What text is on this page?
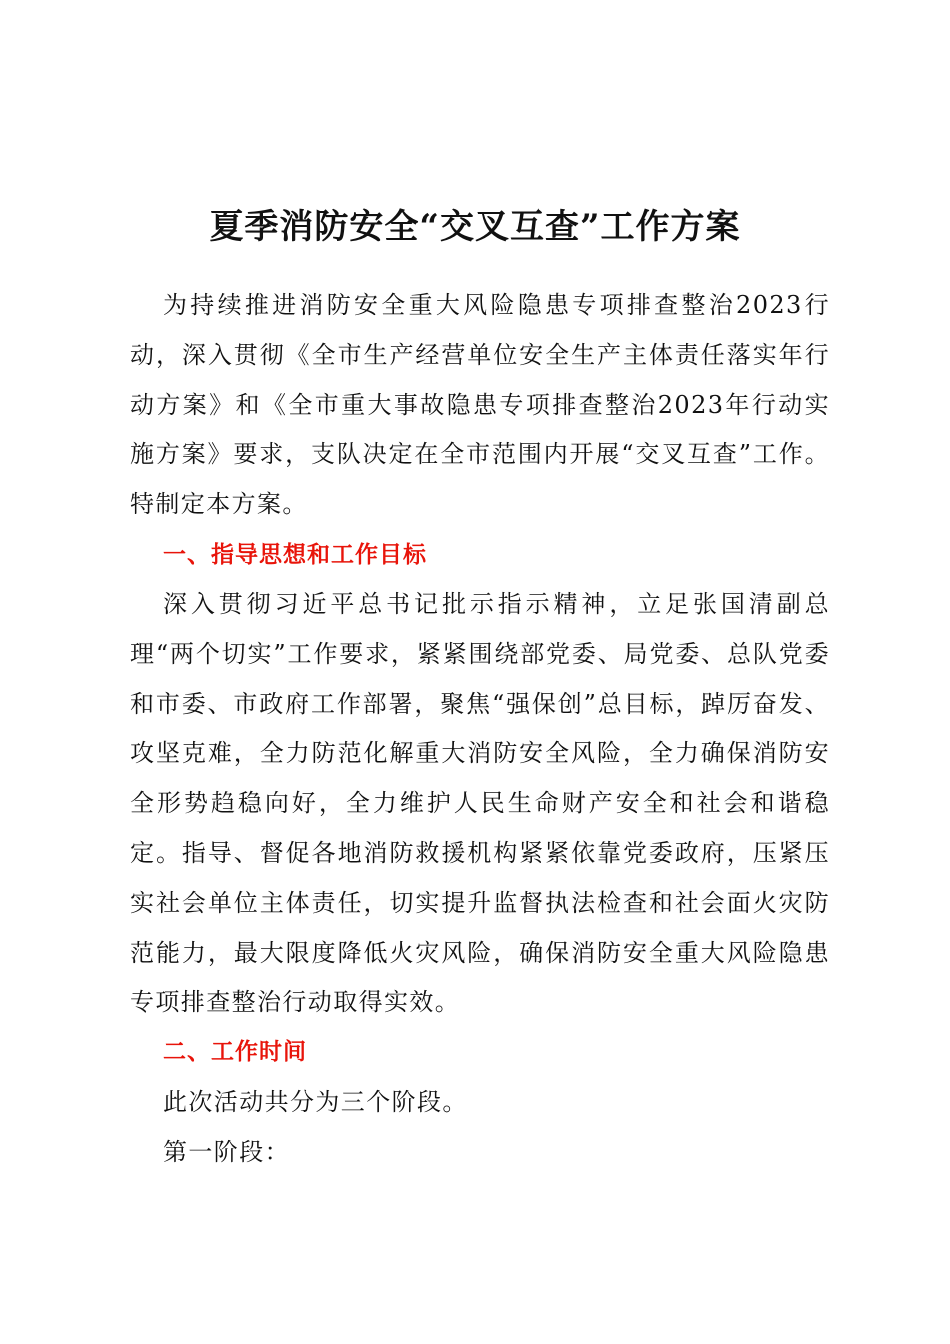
夏季消防安全“交叉互查”工作方案
为持续推进消防安全重大风险隐患专项排查整治2023行动，深入贯彻《全市生产经营单位安全生产主体责任落实年行动方案》和《全市重大事故隐患专项排查整治2023年行动实施方案》要求，支队决定在全市范围内开展“交叉互查”工作。特制定本方案。
一、指导思想和工作目标
深入贯彻习近平总书记批示指示精神，立足张国清副总理“两个切实”工作要求，紧紧围绕部党委、局党委、总队党委和市委、市政府工作部署，聚焦“强保创”总目标，踔厉奋发、攻坚克难，全力防范化解重大消防安全风险，全力确保消防安全形势趋稳向好，全力维护人民生命财产安全和社会和谐稳定。指导、督促各地消防救援机构紧紧依靠党委政府，压紧压实社会单位主体责任，切实提升监督执法检查和社会面火灾防范能力，最大限度降低火灾风险，确保消防安全重大风险隐患专项排查整治行动取得实效。
二、工作时间
此次活动共分为三个阶段。
第一阶段：
